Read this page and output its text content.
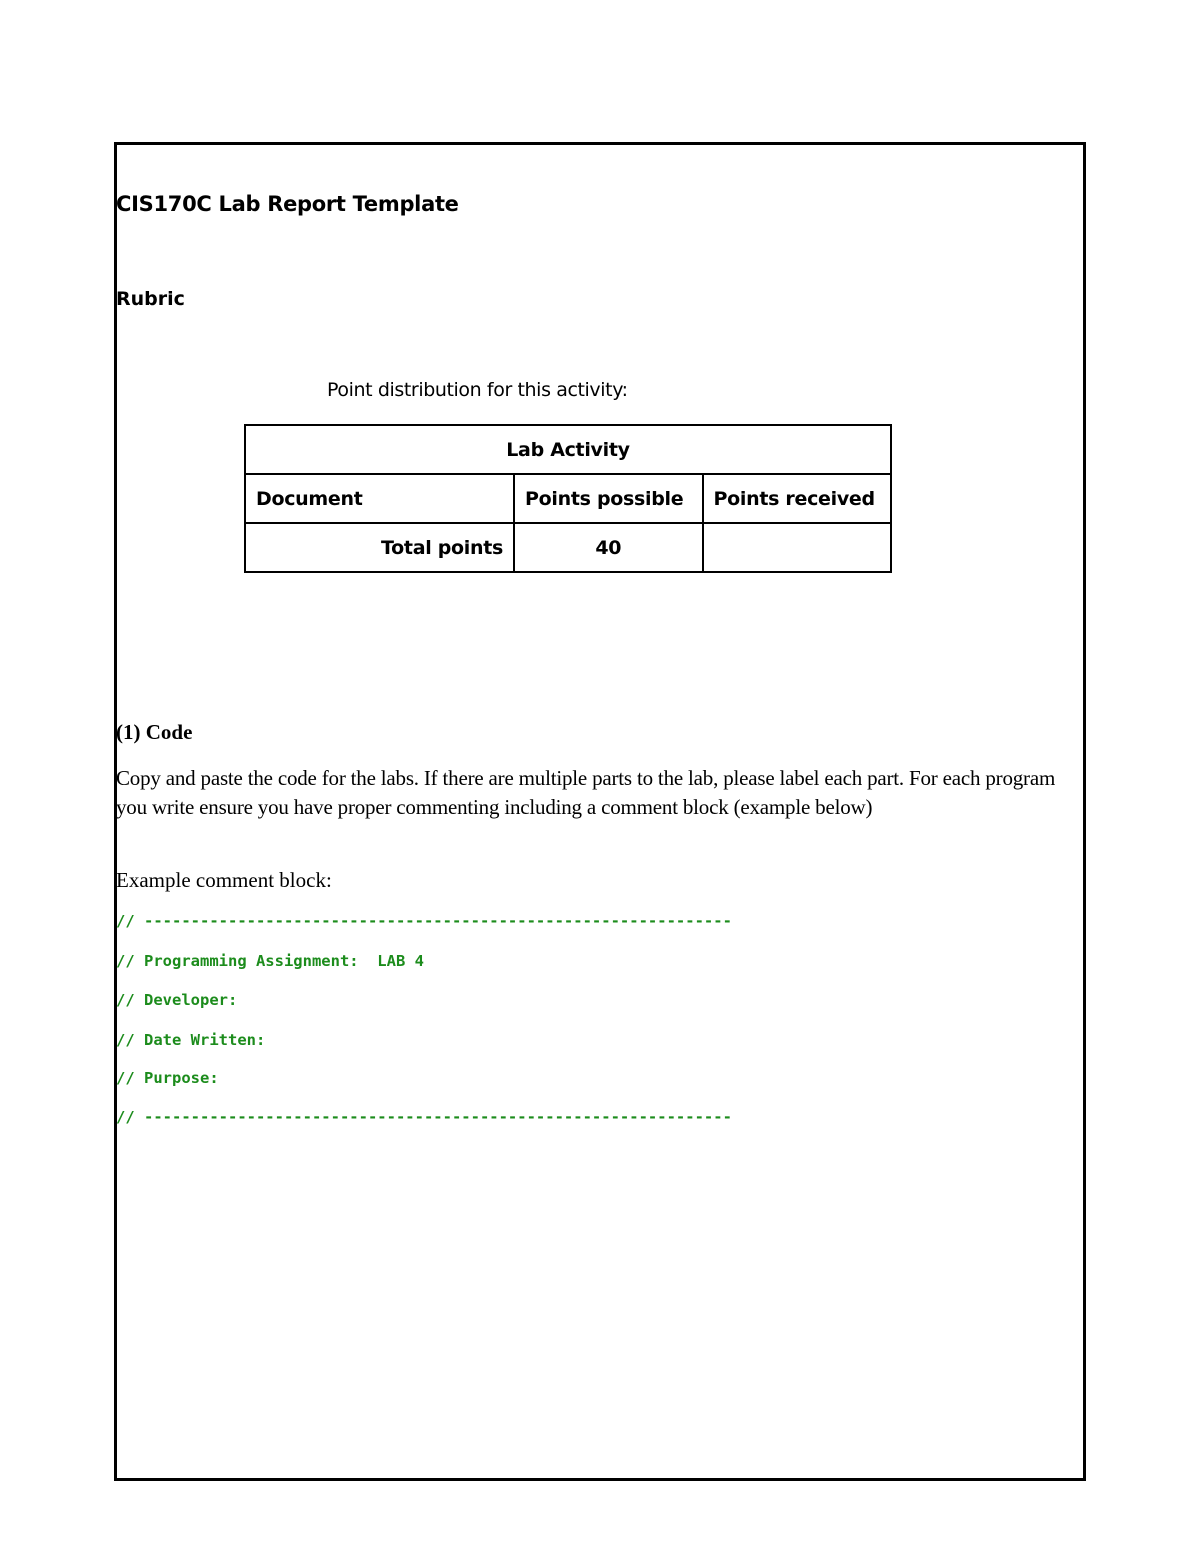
CIS170C Lab Report Template
Rubric

Point distribution for this activity:

Lab Activity		
Document	Points possible	Points received
Total points	40	
(1) Code

Copy and paste the code for the labs. If there are multiple parts to the lab, please label each part. For each program you write ensure you have proper commenting including a comment block (example below)

Example comment block:

// ---------------------------------------------------------------

// Programming Assignment:  LAB 4

// Developer:

// Date Written:

// Purpose:

// ---------------------------------------------------------------
